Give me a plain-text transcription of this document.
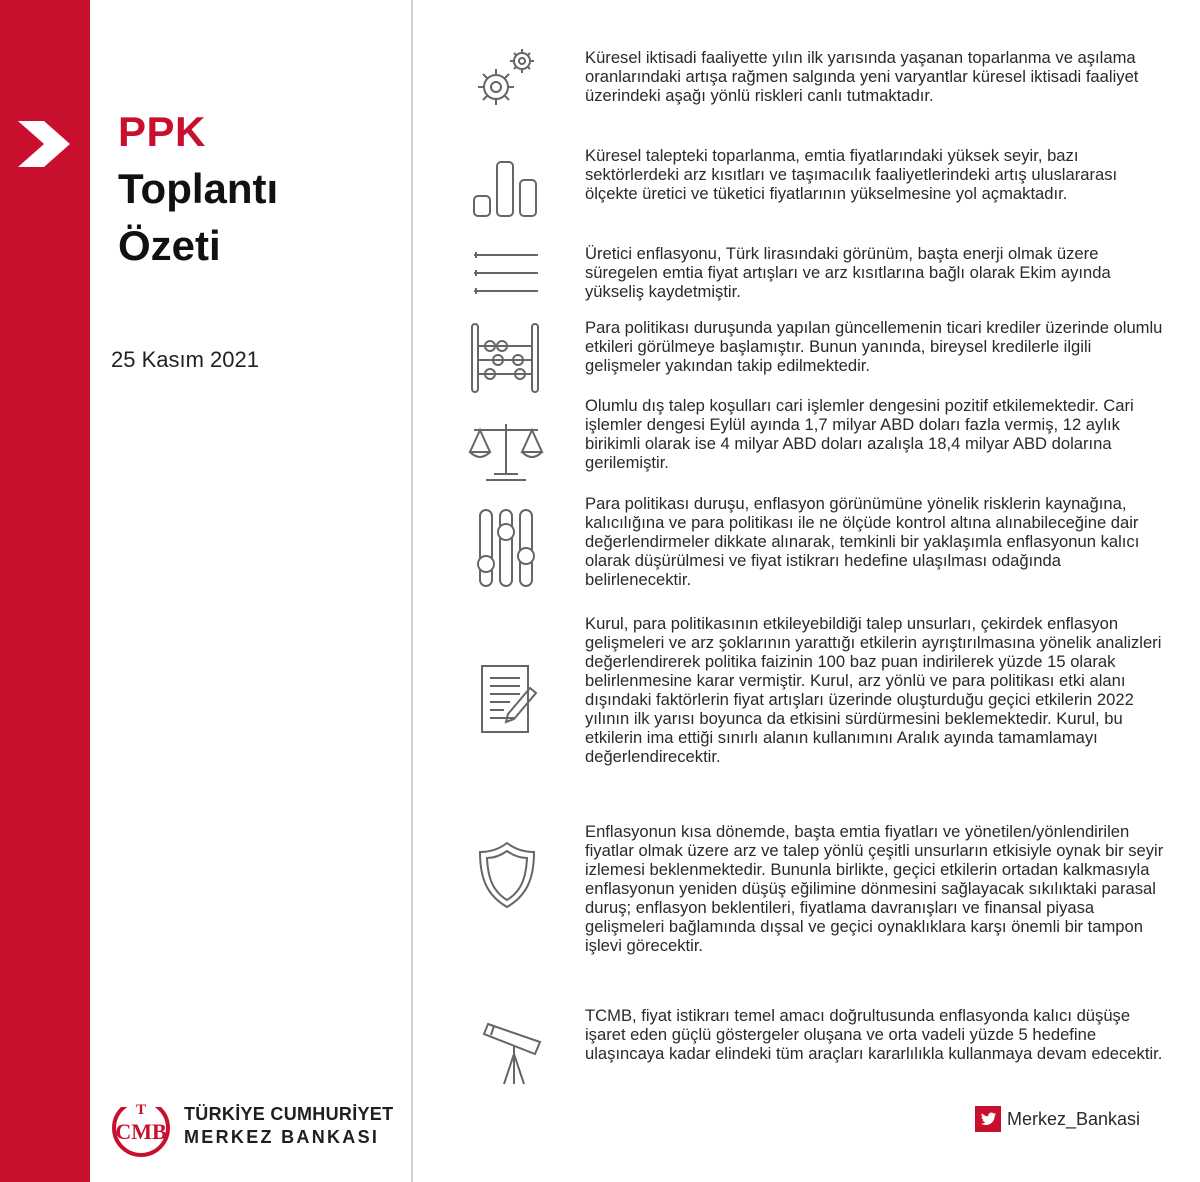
PPK
Toplantı
Özeti
25 Kasım 2021
T
CMB
TÜRKİYE CUMHURİYET
MERKEZ BANKASI

Küresel iktisadi faaliyette yılın ilk yarısında yaşanan toparlanma ve aşılama oranlarındaki artışa rağmen salgında yeni varyantlar küresel iktisadi faaliyet üzerindeki aşağı yönlü riskleri canlı tutmaktadır.

Küresel talepteki toparlanma, emtia fiyatlarındaki yüksek seyir, bazı sektörlerdeki arz kısıtları ve taşımacılık faaliyetlerindeki artış uluslararası ölçekte üretici ve tüketici fiyatlarının yükselmesine yol açmaktadır.

Üretici enflasyonu, Türk lirasındaki görünüm, başta enerji olmak üzere süregelen emtia fiyat artışları ve arz kısıtlarına bağlı olarak Ekim ayında yükseliş kaydetmiştir.

Para politikası duruşunda yapılan güncellemenin ticari krediler üzerinde olumlu etkileri görülmeye başlamıştır. Bunun yanında, bireysel kredilerle ilgili gelişmeler yakından takip edilmektedir.

Olumlu dış talep koşulları cari işlemler dengesini pozitif etkilemektedir. Cari işlemler dengesi Eylül ayında 1,7 milyar ABD doları fazla vermiş, 12 aylık birikimli olarak ise 4 milyar ABD doları azalışla 18,4 milyar ABD dolarına gerilemiştir.

Para politikası duruşu, enflasyon görünümüne yönelik risklerin kaynağına, kalıcılığına ve para politikası ile ne ölçüde kontrol altına alınabileceğine dair değerlendirmeler dikkate alınarak, temkinli bir yaklaşımla enflasyonun kalıcı olarak düşürülmesi ve fiyat istikrarı hedefine ulaşılması odağında belirlenecektir.

Kurul, para politikasının etkileyebildiği talep unsurları, çekirdek enflasyon gelişmeleri ve arz şoklarının yarattığı etkilerin ayrıştırılmasına yönelik analizleri değerlendirerek politika faizinin 100 baz puan indirilerek yüzde 15 olarak belirlenmesine karar vermiştir. Kurul, arz yönlü ve para politikası etki alanı dışındaki faktörlerin fiyat artışları üzerinde oluşturduğu geçici etkilerin 2022 yılının ilk yarısı boyunca da etkisini sürdürmesini beklemektedir. Kurul, bu etkilerin ima ettiği sınırlı alanın kullanımını Aralık ayında tamamlamayı değerlendirecektir.

Enflasyonun kısa dönemde, başta emtia fiyatları ve yönetilen/yönlendirilen fiyatlar olmak üzere arz ve talep yönlü çeşitli unsurların etkisiyle oynak bir seyir izlemesi beklenmektedir. Bununla birlikte, geçici etkilerin ortadan kalkmasıyla enflasyonun yeniden düşüş eğilimine dönmesini sağlayacak sıkılıktaki parasal duruş; enflasyon beklentileri, fiyatlama davranışları ve finansal piyasa gelişmeleri bağlamında dışsal ve geçici oynaklıklara karşı önemli bir tampon işlevi görecektir.

TCMB, fiyat istikrarı temel amacı doğrultusunda enflasyonda kalıcı düşüşe işaret eden güçlü göstergeler oluşana ve orta vadeli yüzde 5 hedefine ulaşıncaya kadar elindeki tüm araçları kararlılıkla kullanmaya devam edecektir.

Merkez_Bankasi
